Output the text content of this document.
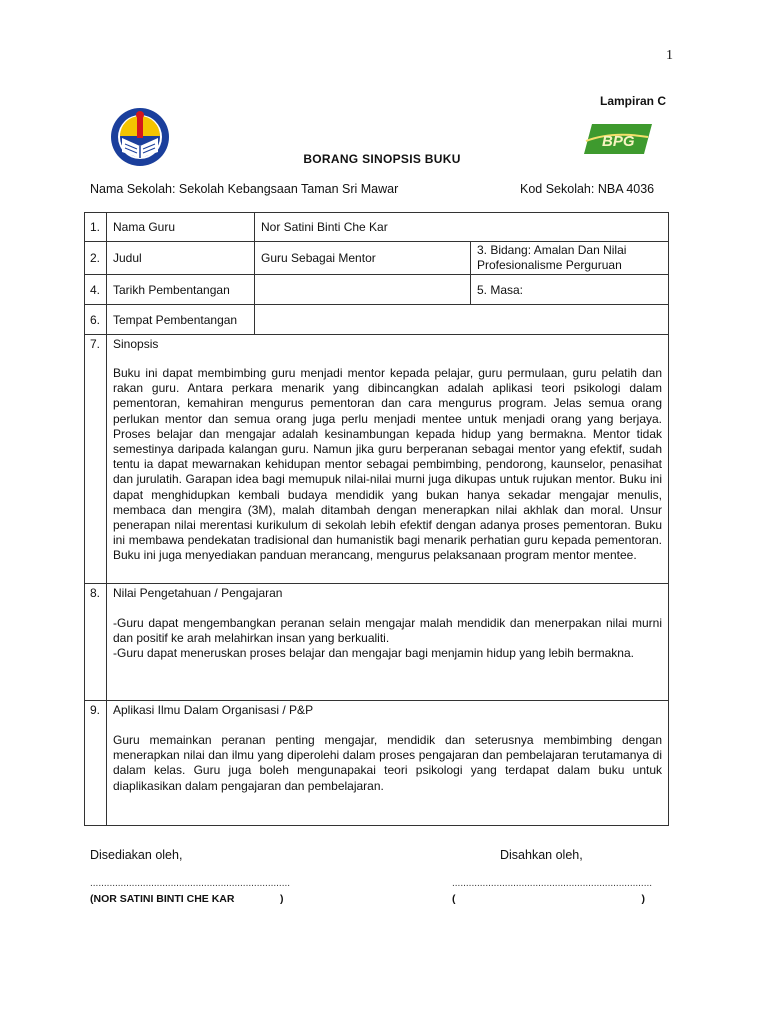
1
Lampiran C
BPG
BORANG SINOPSIS BUKU
Nama Sekolah: Sekolah Kebangsaan Taman Sri Mawar	Kod Sekolah: NBA 4036
1.	Nama Guru	Nor Satini Binti Che Kar	
2.	Judul	Guru Sebagai Mentor	3. Bidang: Amalan Dan Nilai Profesionalisme Perguruan
4.	Tarikh Pembentangan		5. Masa:
6.	Tempat Pembentangan		
7.	Sinopsis

Buku ini dapat membimbing guru menjadi mentor kepada pelajar, guru permulaan, guru pelatih dan rakan guru. Antara perkara menarik yang dibincangkan adalah aplikasi teori psikologi dalam pementoran, kemahiran mengurus pementoran dan cara mengurus program. Jelas semua orang perlukan mentor dan semua orang juga perlu menjadi mentee untuk menjadi orang yang berjaya. Proses belajar dan mengajar adalah kesinambungan kepada hidup yang bermakna. Mentor tidak semestinya daripada kalangan guru. Namun jika guru berperanan sebagai mentor yang efektif, sudah tentu ia dapat mewarnakan kehidupan mentor sebagai pembimbing, pendorong, kaunselor, penasihat dan jurulatih. Garapan idea bagi memupuk nilai-nilai murni juga dikupas untuk rujukan mentor. Buku ini dapat menghidupkan kembali budaya mendidik yang bukan hanya sekadar mengajar menulis, membaca dan mengira (3M), malah ditambah dengan menerapkan nilai akhlak dan moral. Unsur penerapan nilai merentasi kurikulum di sekolah lebih efektif dengan adanya proses pementoran. Buku ini membawa pendekatan tradisional dan humanistik bagi menarik perhatian guru kepada pementoran. Buku ini juga menyediakan panduan merancang, mengurus pelaksanaan program mentor mentee.		

8.	Nilai Pengetahuan / Pengajaran

-Guru dapat mengembangkan peranan selain mengajar malah mendidik dan menerpakan nilai murni dan positif ke arah melahirkan insan yang berkualiti.

-Guru dapat meneruskan proses belajar dan mengajar bagi menjamin hidup yang lebih bermakna.		

9.	Aplikasi Ilmu Dalam Organisasi / P&P

Guru memainkan peranan penting mengajar, mendidik dan seterusnya membimbing dengan menerapkan nilai dan ilmu yang diperolehi dalam proses pengajaran dan pembelajaran terutamanya di dalam kelas. Guru juga boleh mengunapakai teori psikologi yang terdapat dalam buku untuk diaplikasikan dalam pengajaran dan pembelajaran.		

Disediakan oleh,	Disahkan oleh,
........................................................................	........................................................................
(NOR SATINI BINTI CHE KAR	)	(	)
